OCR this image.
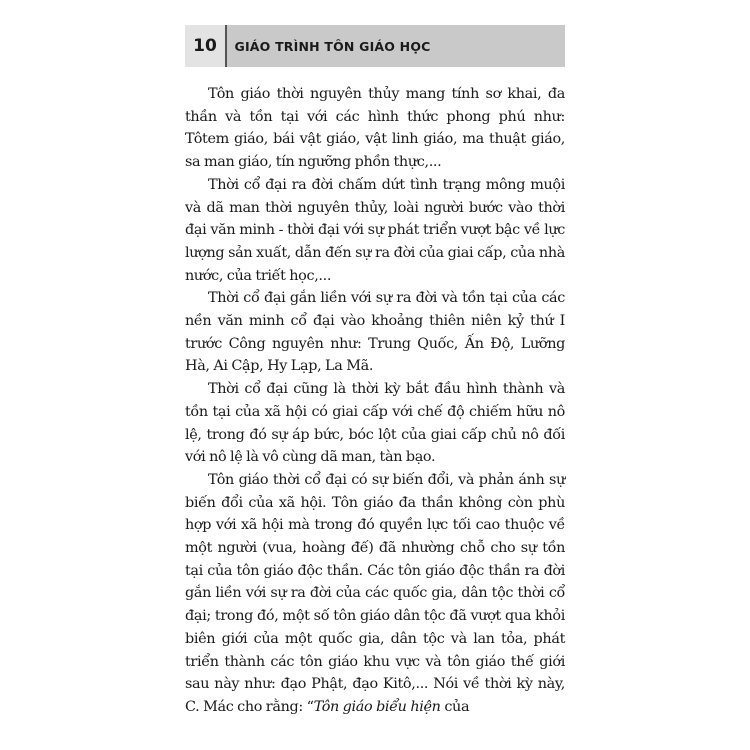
10	GIÁO TRÌNH TÔN GIÁO HỌC

Tôn giáo thời nguyên thủy mang tính sơ khai, đa thần và tồn tại với các hình thức phong phú như: Tôtem giáo, bái vật giáo, vật linh giáo, ma thuật giáo, sa man giáo, tín ngưỡng phồn thực,...

Thời cổ đại ra đời chấm dứt tình trạng mông muội và dã man thời nguyên thủy, loài người bước vào thời đại văn minh - thời đại với sự phát triển vượt bậc về lực lượng sản xuất, dẫn đến sự ra đời của giai cấp, của nhà nước, của triết học,...

Thời cổ đại gắn liền với sự ra đời và tồn tại của các nền văn minh cổ đại vào khoảng thiên niên kỷ thứ I trước Công nguyên như: Trung Quốc, Ấn Độ, Lưỡng Hà, Ai Cập, Hy Lạp, La Mã.

Thời cổ đại cũng là thời kỳ bắt đầu hình thành và tồn tại của xã hội có giai cấp với chế độ chiếm hữu nô lệ, trong đó sự áp bức, bóc lột của giai cấp chủ nô đối với nô lệ là vô cùng dã man, tàn bạo.

Tôn giáo thời cổ đại có sự biến đổi, và phản ánh sự biến đổi của xã hội. Tôn giáo đa thần không còn phù hợp với xã hội mà trong đó quyền lực tối cao thuộc về một người (vua, hoàng đế) đã nhường chỗ cho sự tồn tại của tôn giáo độc thần. Các tôn giáo độc thần ra đời gắn liền với sự ra đời của các quốc gia, dân tộc thời cổ đại; trong đó, một số tôn giáo dân tộc đã vượt qua khỏi biên giới của một quốc gia, dân tộc và lan tỏa, phát triển thành các tôn giáo khu vực và tôn giáo thế giới sau này như: đạo Phật, đạo Kitô,... Nói về thời kỳ này, C. Mác cho rằng: “Tôn giáo biểu hiện của
